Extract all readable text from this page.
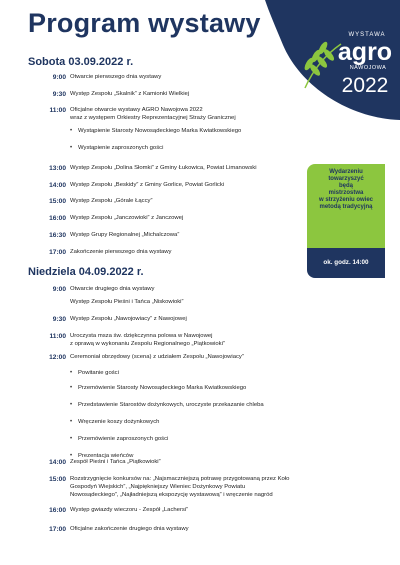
Program wystawy	WYSTAWA
agro
NAWOJOWA
2022
Sobota 03.09.2022 r.
9:00 Otwarcie pierwszego dnia wystawy
9:30 Występ Zespołu „Skalnik” z Kamionki Wielkiej
11:00 Oficjalne otwarcie wystawy AGRO Nawojowa 2022
wraz z występem Orkiestry Reprezentacyjnej Straży Granicznej
• Wystąpienie Starosty Nowosądeckiego Marka Kwiatkowskiego
• Wystąpienie zaproszonych gości
13:00 Występ Zespołu „Dolina Słomki” z Gminy Łukowica, Powiat Limanowski
14:00 Występ Zespołu „Beskidy” z Gminy Gorlice, Powiat Gorlicki
15:00 Występ Zespołu „Górale Łąccy”
16:00 Występ Zespołu „Janczowioki” z Janczowej
16:30 Występ Grupy Regionalnej „Michalczowa”
17:00 Zakończenie pierwszego dnia wystawy
Wydarzeniu
towarzyszyć
będą
mistrzostwa
w strzyżeniu owiec
metodą tradycyjną
ok. godz. 14:00
Niedziela 04.09.2022 r.
9:00 Otwarcie drugiego dnia wystawy
Występ Zespołu Pieśni i Tańca „Niskowioki”
9:30 Występ Zespołu „Nawojowiacy” z Nawojowej
11:00 Uroczysta msza św. dziękczynna polowa w Nawojowej
z oprawą w wykonaniu Zespołu Regionalnego „Piątkowioki”
12:00 Ceremoniał obrzędowy (scena) z udziałem Zespołu „Nawojowiacy”
• Powitanie gości
• Przemówienie Starosty Nowosądeckiego Marka Kwiatkowskiego
• Przedstawienie Starostów dożynkowych, uroczyste przekazanie chleba
• Wręczenie koszy dożynkowych
• Przemówienie zaproszonych gości
• Prezentacja wieńców
14:00 Zespół Pieśni i Tańca „Piątkowioki”
15:00 Rozstrzygnięcie konkursów na: „Najsmaczniejszą potrawę przygotowaną przez Koło
Gospodyń Wiejskich”, „Najpiękniejszy Wieniec Dożynkowy Powiatu
Nowosądeckiego”, „Najładniejszą ekspozycję wystawową” i wręczenie nagród
16:00 Występ gwiazdy wieczoru - Zespół „Lachersi”
17:00 Oficjalne zakończenie drugiego dnia wystawy
